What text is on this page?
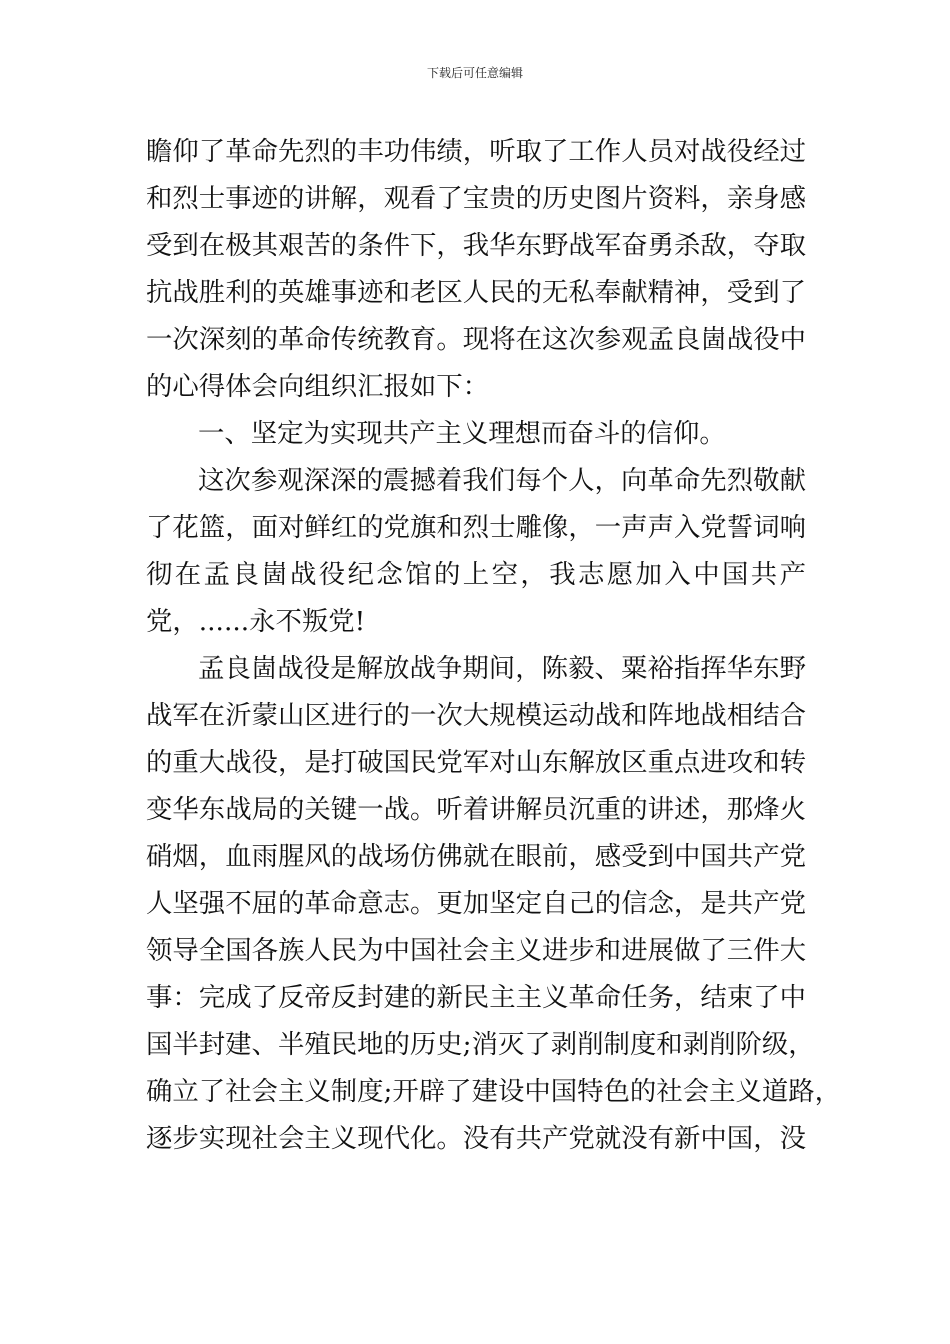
下载后可任意编辑
瞻仰了革命先烈的丰功伟绩，听取了工作人员对战役经过
和烈士事迹的讲解，观看了宝贵的历史图片资料，亲身感
受到在极其艰苦的条件下，我华东野战军奋勇杀敌，夺取
抗战胜利的英雄事迹和老区人民的无私奉献精神，受到了
一次深刻的革命传统教育。现将在这次参观孟良崮战役中
的心得体会向组织汇报如下：
一、坚定为实现共产主义理想而奋斗的信仰。
这次参观深深的震撼着我们每个人，向革命先烈敬献
了花篮，面对鲜红的党旗和烈士雕像，一声声入党誓词响
彻在孟良崮战役纪念馆的上空，我志愿加入中国共产
党，......永不叛党!
孟良崮战役是解放战争期间，陈毅、粟裕指挥华东野
战军在沂蒙山区进行的一次大规模运动战和阵地战相结合
的重大战役，是打破国民党军对山东解放区重点进攻和转
变华东战局的关键一战。听着讲解员沉重的讲述，那烽火
硝烟，血雨腥风的战场仿佛就在眼前，感受到中国共产党
人坚强不屈的革命意志。更加坚定自己的信念，是共产党
领导全国各族人民为中国社会主义进步和进展做了三件大
事：完成了反帝反封建的新民主主义革命任务，结束了中
国半封建、半殖民地的历史;消灭了剥削制度和剥削阶级，
确立了社会主义制度;开辟了建设中国特色的社会主义道路，
逐步实现社会主义现代化。没有共产党就没有新中国，没
